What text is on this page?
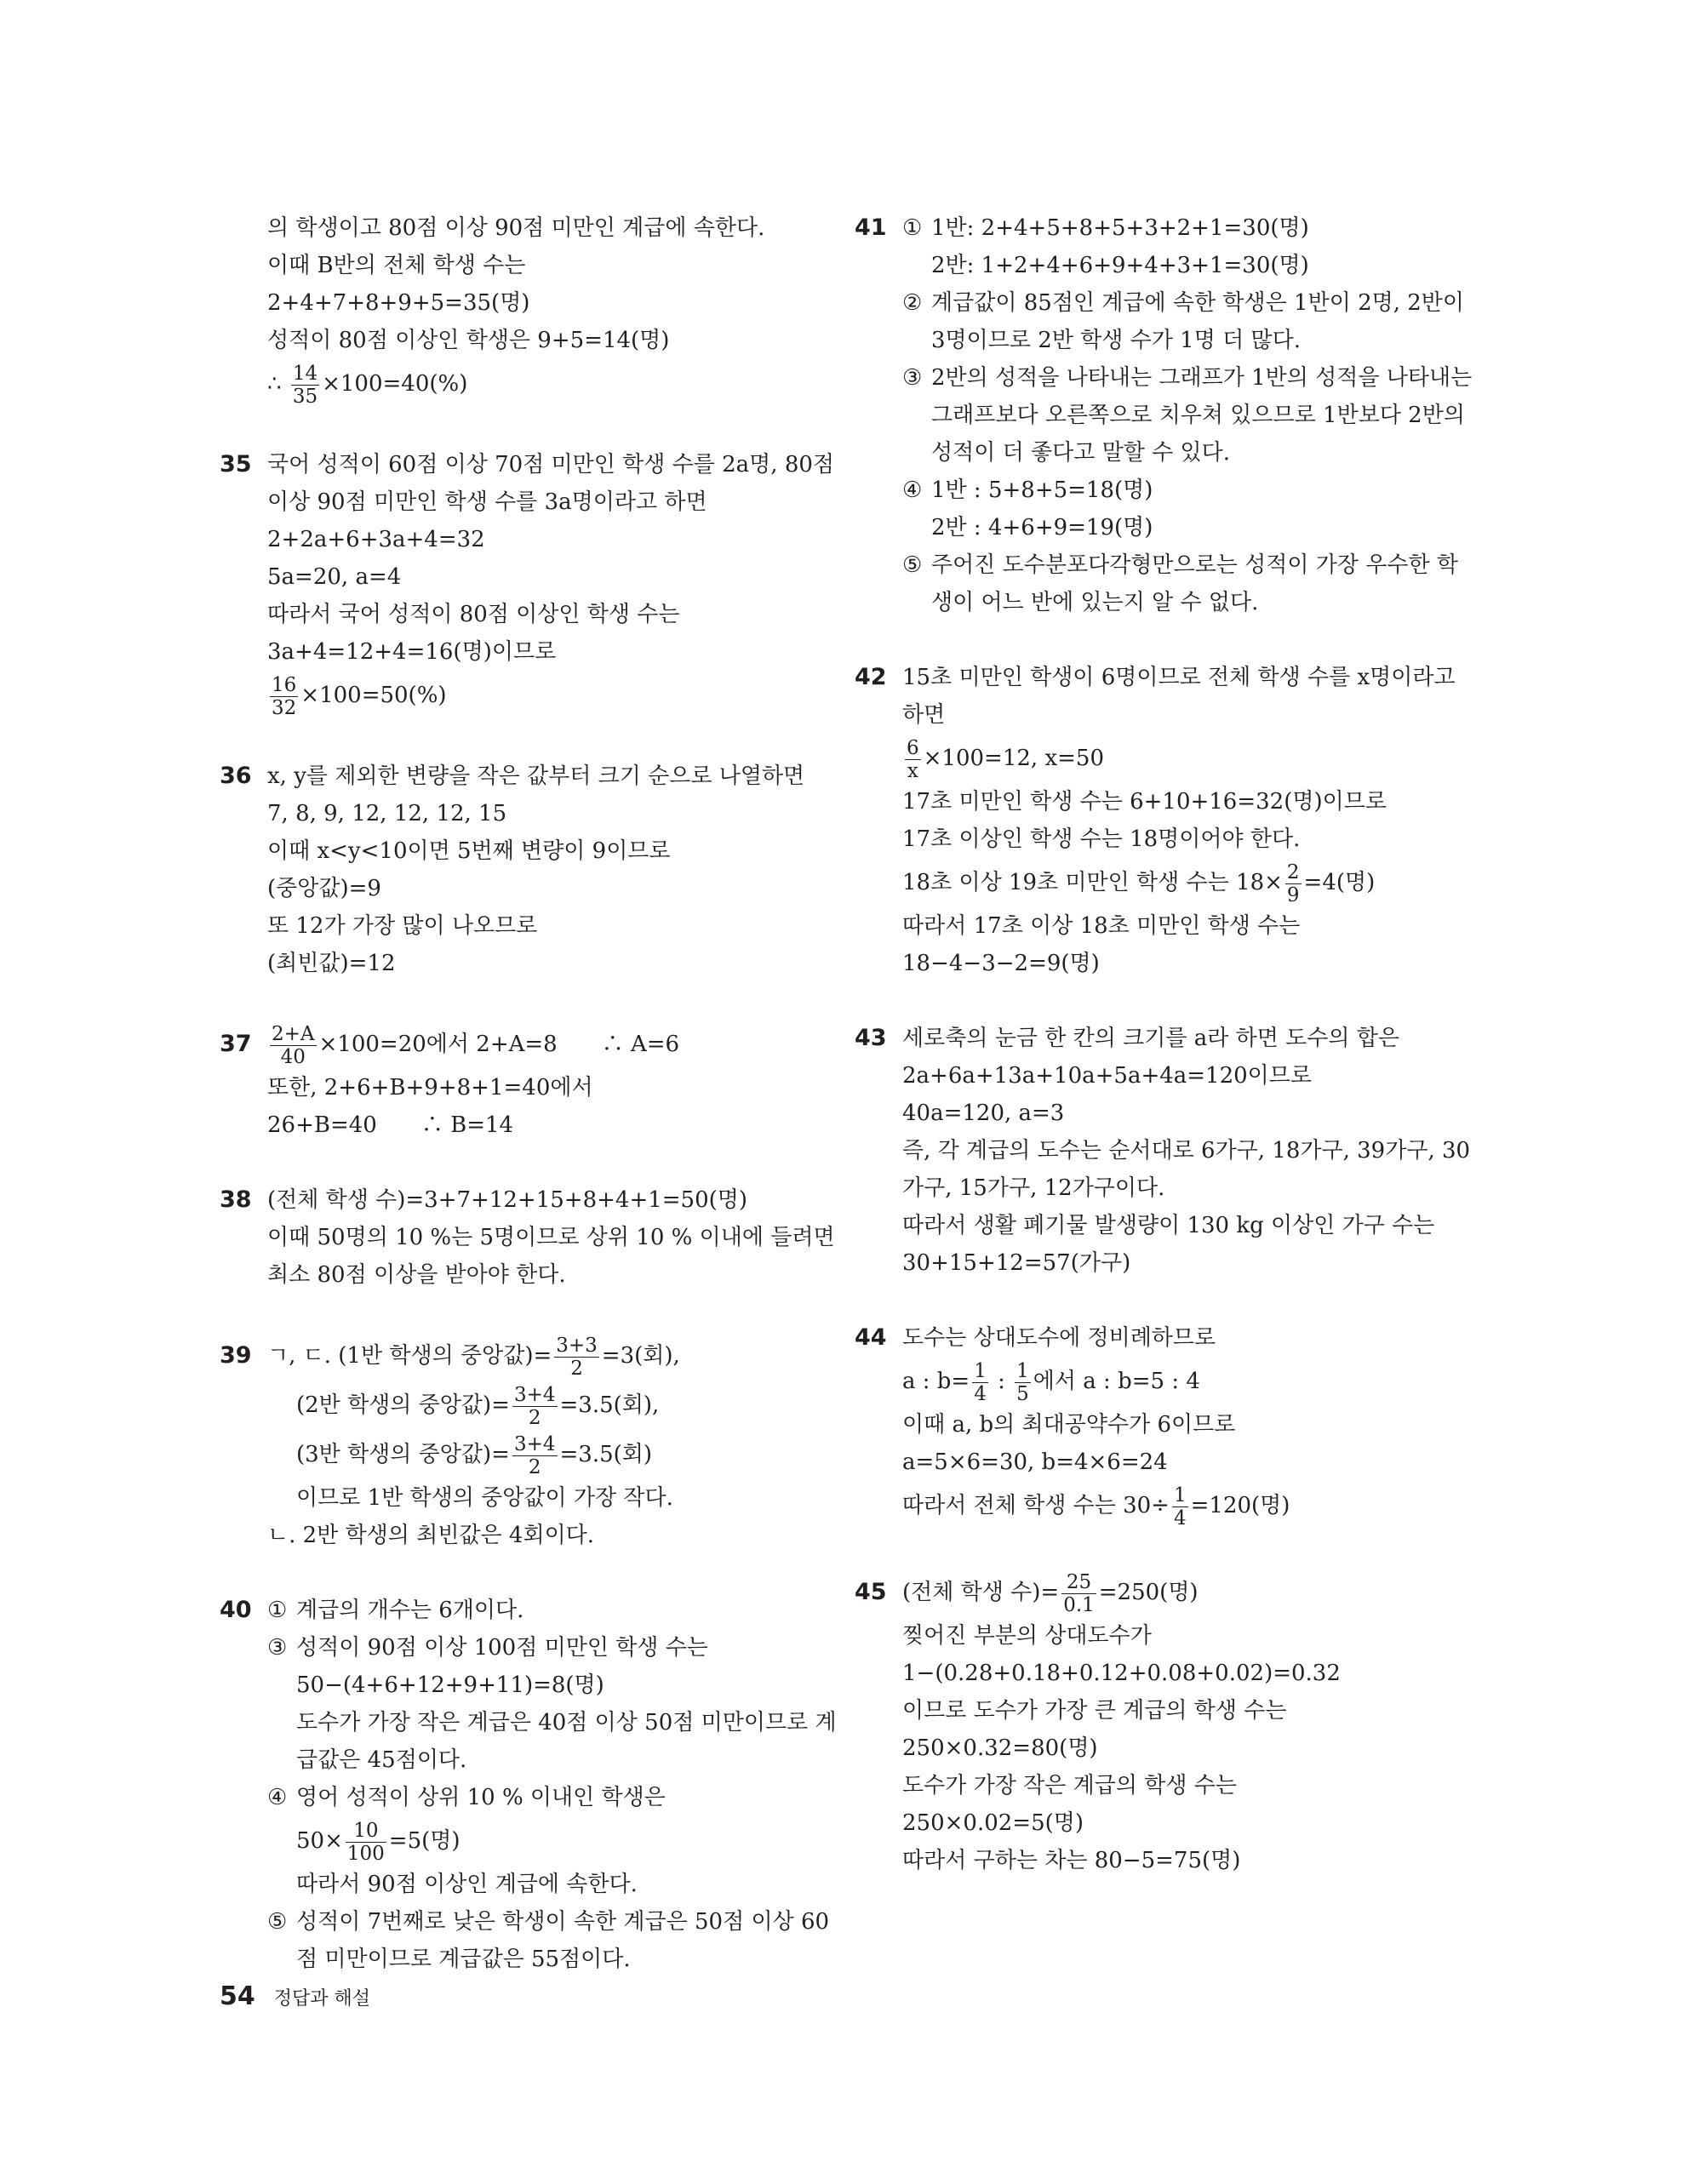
의 학생이고 80점 이상 90점 미만인 계급에 속한다.
이때 B반의 전체 학생 수는
2+4+7+8+9+5=35(명)
성적이 80점 이상인 학생은 9+5=14(명)
∴ $\frac{14}{35} \times 100=40(\%)$
35 국어 성적이 60점 이상 70점 미만인 학생 수를 2a명, 80점
이상 90점 미만인 학생 수를 3a명이라고 하면
2+2a+6+3a+4=32
5a=20, a=4
따라서 국어 성적이 80점 이상인 학생 수는
3a+4=12+4=16(명)이므로
$\frac{16}{32} \times 100=50(\%)$
36 x, y를 제외한 변량을 작은 값부터 크기 순으로 나열하면
7, 8, 9, 12, 12, 12, 15
이때 x<y<10이면 5번째 변량이 9이므로
(중앙값)=9
또 12가 가장 많이 나오므로
(최빈값)=12
$37 \frac{2+A}{40} \times 100=20$에서 2+A=8　　∴ A=6
또한, 2+6+B+9+8+1=40에서
26+B=40　　∴ B=14
38 (전체 학생 수)=3+7+12+15+8+4+1=50(명)
이때 50명의 10 %는 5명이므로 상위 10 % 이내에 들려면
최소 80점 이상을 받아야 한다.
39 ㄱ, ㄷ. (1반 학생의 중앙값)= $\frac{3+3}{2} =3$(회),
(2반 학생의 중앙값)= $\frac{3+4}{2} =3.5$(회),
(3반 학생의 중앙값)= $\frac{3+4}{2} =3.5$(회)
이므로 1반 학생의 중앙값이 가장 작다.
ㄴ. 2반 학생의 최빈값은 4회이다.
40 ① 계급의 개수는 6개이다.
③ 성적이 90점 이상 100점 미만인 학생 수는
50−(4+6+12+9+11)=8(명)
도수가 가장 작은 계급은 40점 이상 50점 미만이므로 계
급값은 45점이다.
④ 영어 성적이 상위 10 % 이내인 학생은
$50\times \frac{10}{100} =5$(명)
따라서 90점 이상인 계급에 속한다.
⑤ 성적이 7번째로 낮은 학생이 속한 계급은 50점 이상 60
점 미만이므로 계급값은 55점이다.
41 ① 1반: 2+4+5+8+5+3+2+1=30(명)
2반: 1+2+4+6+9+4+3+1=30(명)
② 계급값이 85점인 계급에 속한 학생은 1반이 2명, 2반이
3명이므로 2반 학생 수가 1명 더 많다.
③ 2반의 성적을 나타내는 그래프가 1반의 성적을 나타내는
그래프보다 오른쪽으로 치우쳐 있으므로 1반보다 2반의
성적이 더 좋다고 말할 수 있다.
④ 1반 : 5+8+5=18(명)
2반 : 4+6+9=19(명)
⑤ 주어진 도수분포다각형만으로는 성적이 가장 우수한 학
생이 어느 반에 있는지 알 수 없다.
42 15초 미만인 학생이 6명이므로 전체 학생 수를 x명이라고
하면
$\frac{6}{x} \times 100=12$, x=50
17초 미만인 학생 수는 6+10+16=32(명)이므로
17초 이상인 학생 수는 18명이어야 한다.
18초 이상 19초 미만인 학생 수는 $18\times \frac{2}{9} =4$(명)
따라서 17초 이상 18초 미만인 학생 수는
18−4−3−2=9(명)
43 세로축의 눈금 한 칸의 크기를 a라 하면 도수의 합은
2a+6a+13a+10a+5a+4a=120이므로
40a=120, a=3
즉, 각 계급의 도수는 순서대로 6가구, 18가구, 39가구, 30
가구, 15가구, 12가구이다.
따라서 생활 폐기물 발생량이 130 kg 이상인 가구 수는
30+15+12=57(가구)
44 도수는 상대도수에 정비례하므로
a : $b= \frac{1}{4}$ : $\frac{1}{5}$ 에서 a : b=5 : 4
이때 a, b의 최대공약수가 6이므로
a=5×6=30, b=4×6=24
따라서 전체 학생 수는 $30\div \frac{1}{4} =120$(명)
45 (전체 학생 수)= $\frac{25}{0.1} =250$(명)
찢어진 부분의 상대도수가
1−(0.28+0.18+0.12+0.08+0.02)=0.32
이므로 도수가 가장 큰 계급의 학생 수는
250×0.32=80(명)
도수가 가장 작은 계급의 학생 수는
250×0.02=5(명)
따라서 구하는 차는 80−5=75(명)
54 정답과 해설
